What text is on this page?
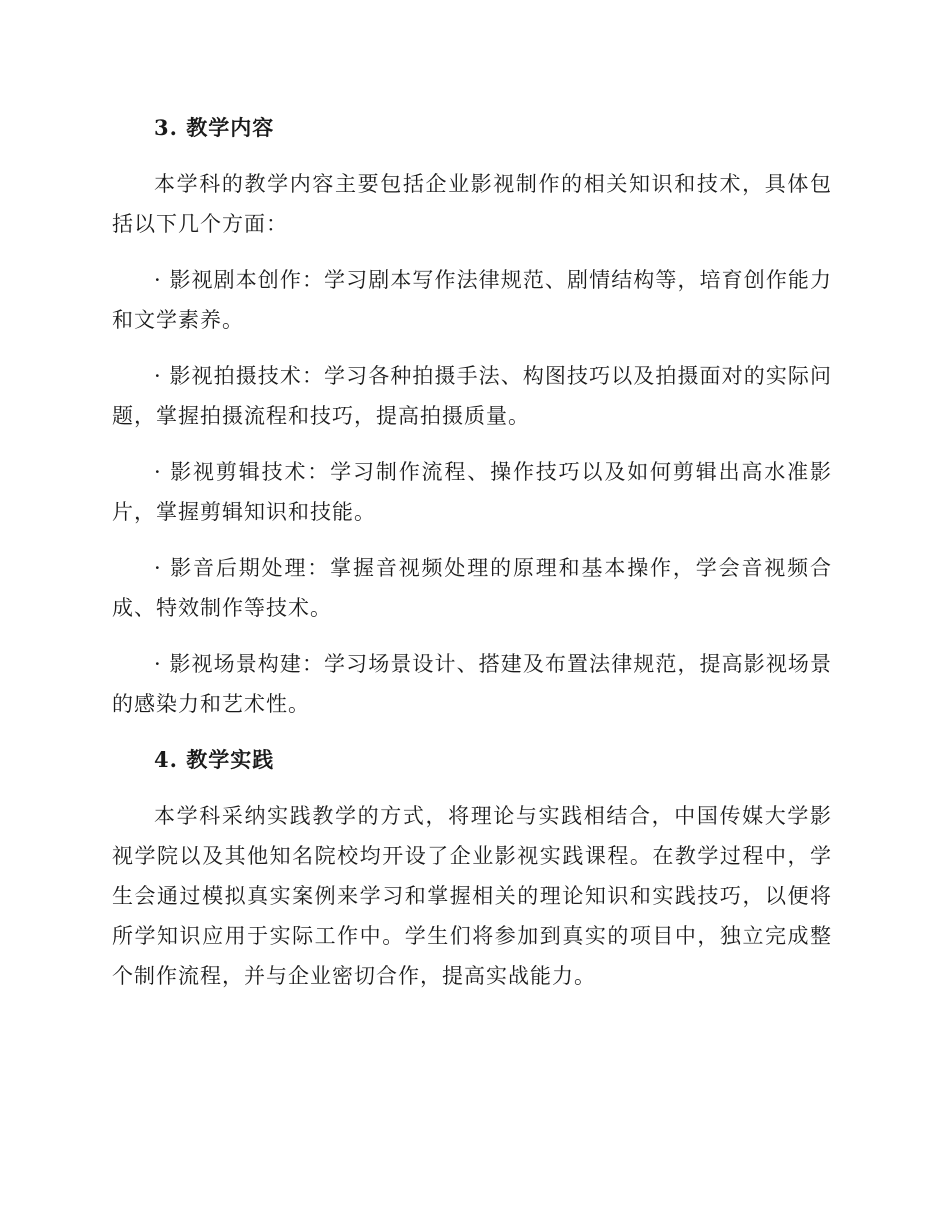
3. 教学内容

本学科的教学内容主要包括企业影视制作的相关知识和技术，具体包括以下几个方面：

· 影视剧本创作：学习剧本写作法律规范、剧情结构等，培育创作能力和文学素养。

· 影视拍摄技术：学习各种拍摄手法、构图技巧以及拍摄面对的实际问题，掌握拍摄流程和技巧，提高拍摄质量。

· 影视剪辑技术：学习制作流程、操作技巧以及如何剪辑出高水准影片，掌握剪辑知识和技能。

· 影音后期处理：掌握音视频处理的原理和基本操作，学会音视频合成、特效制作等技术。

· 影视场景构建：学习场景设计、搭建及布置法律规范，提高影视场景的感染力和艺术性。

4. 教学实践

本学科采纳实践教学的方式，将理论与实践相结合，中国传媒大学影视学院以及其他知名院校均开设了企业影视实践课程。在教学过程中，学生会通过模拟真实案例来学习和掌握相关的理论知识和实践技巧，以便将所学知识应用于实际工作中。学生们将参加到真实的项目中，独立完成整个制作流程，并与企业密切合作，提高实战能力。
